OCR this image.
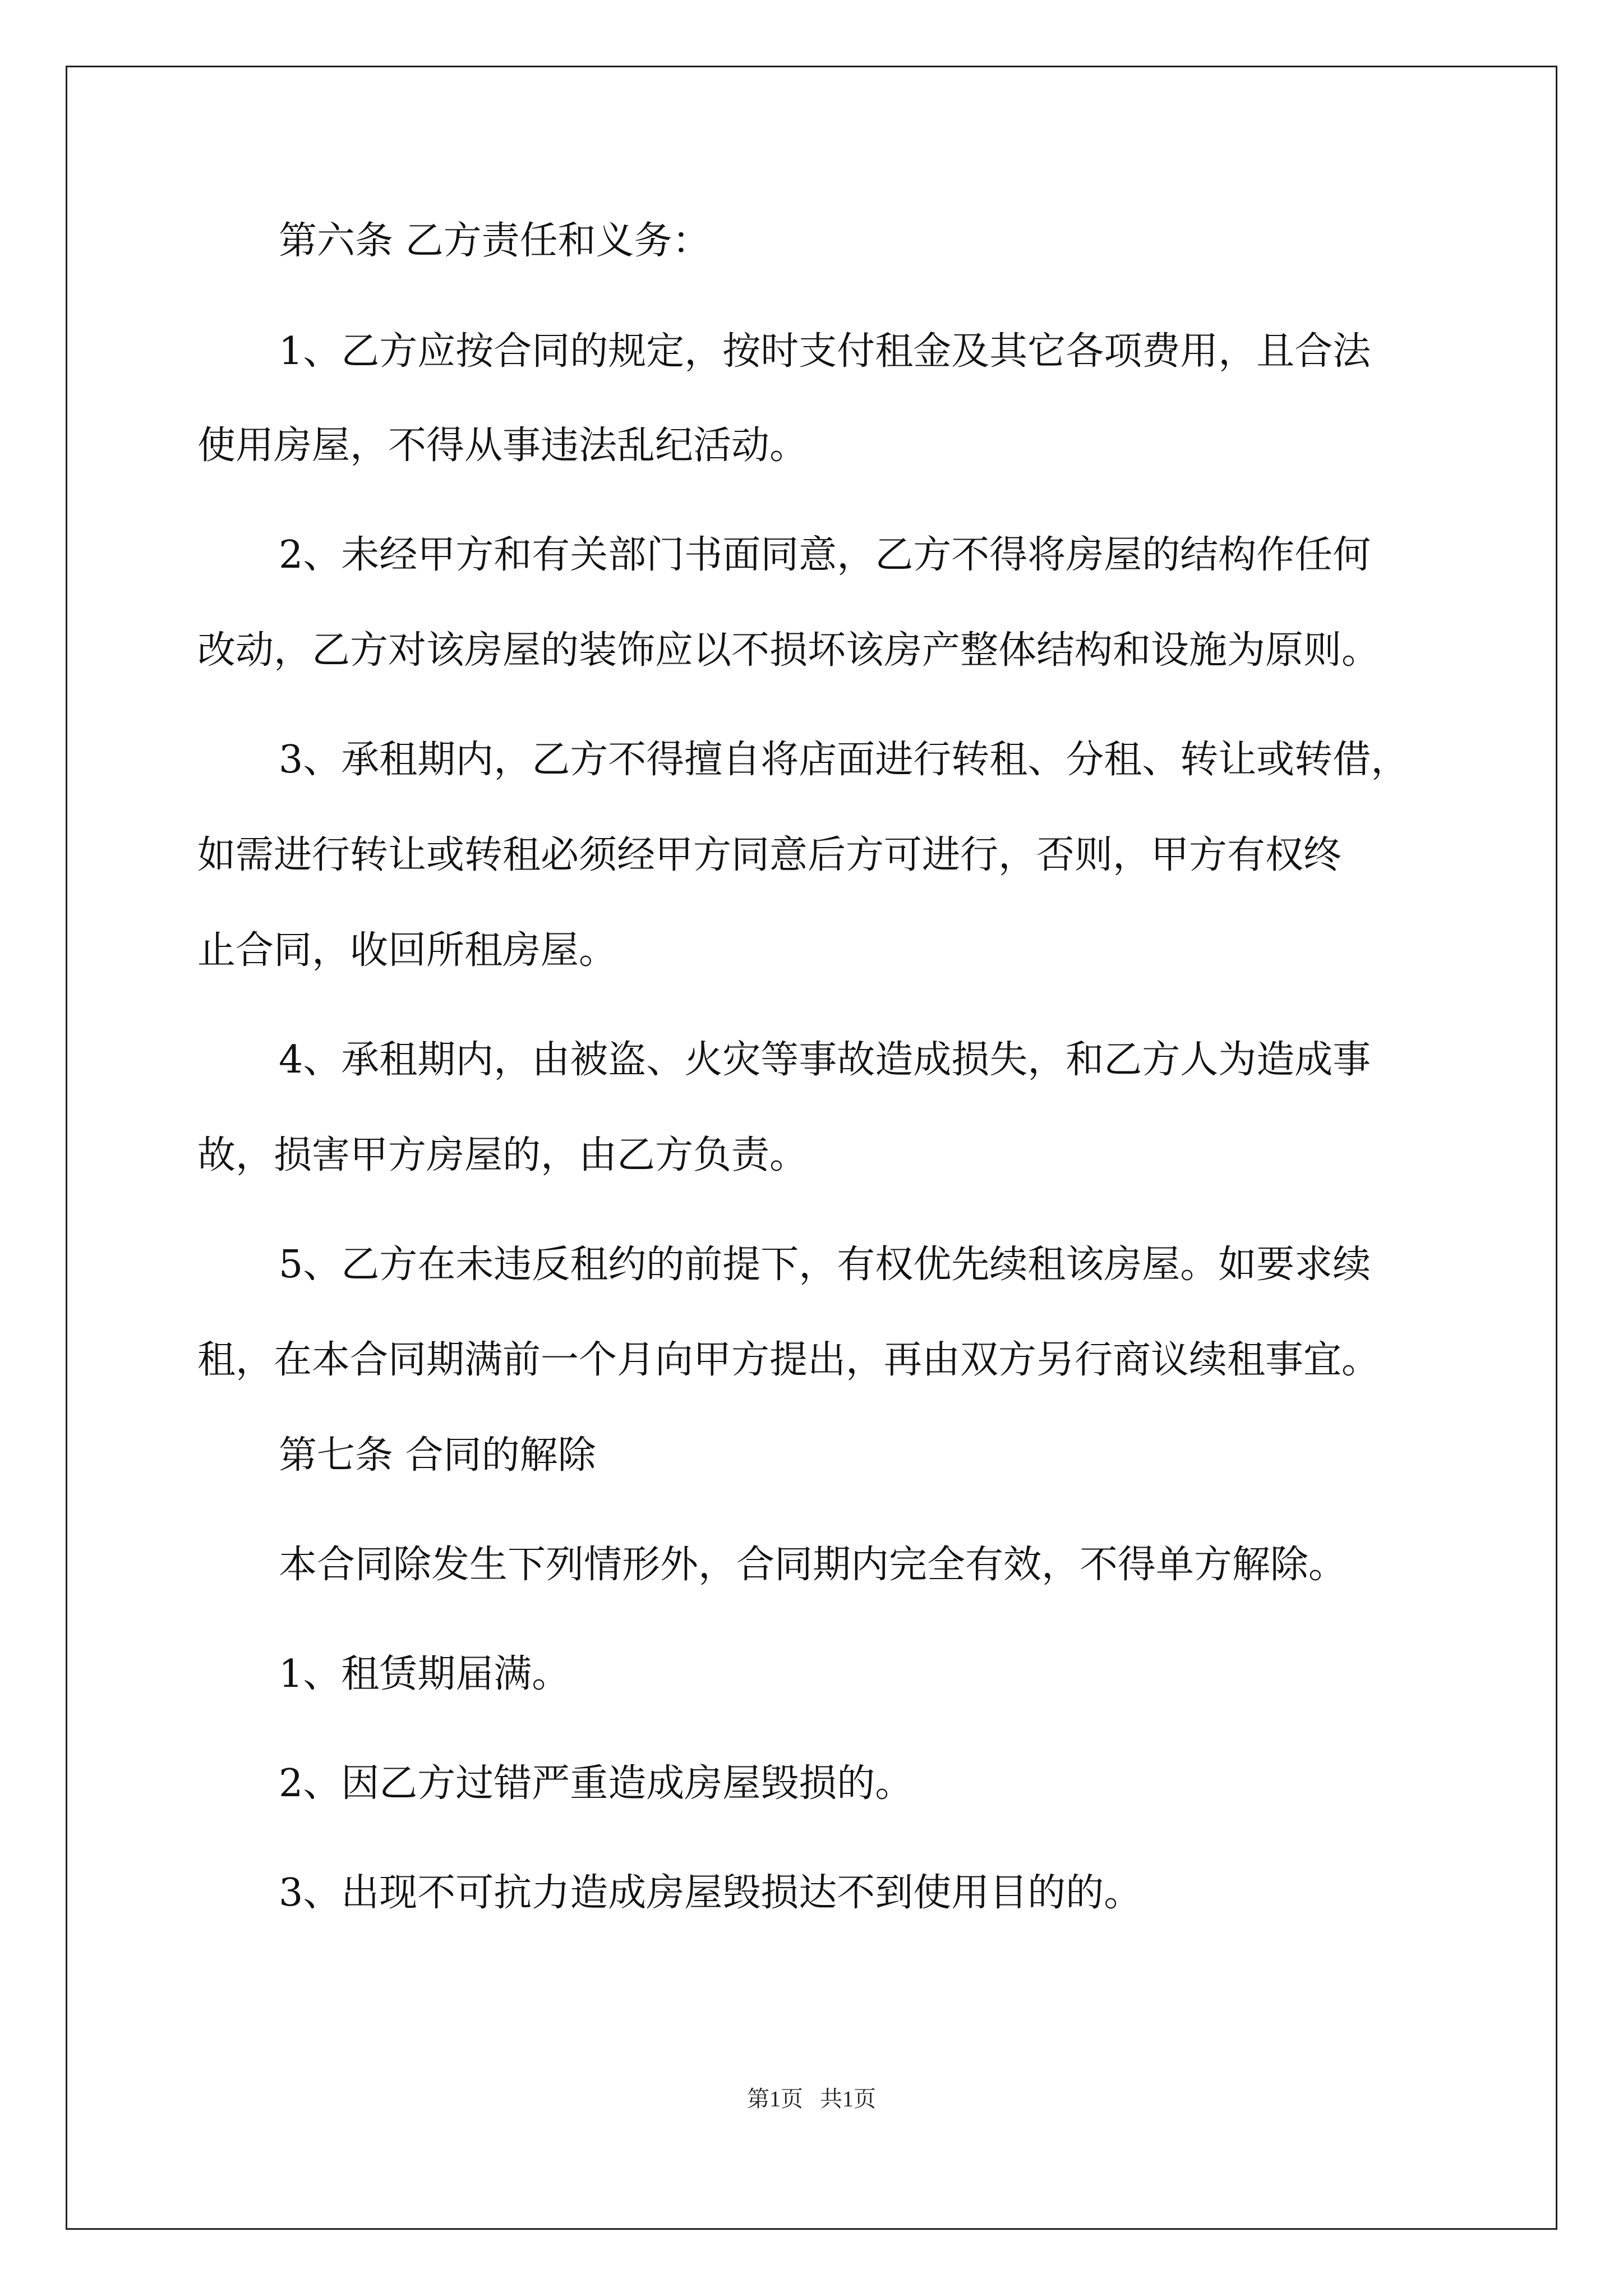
第六条 乙方责任和义务：
1、乙方应按合同的规定，按时支付租金及其它各项费用，且合法
使用房屋，不得从事违法乱纪活动。
2、未经甲方和有关部门书面同意，乙方不得将房屋的结构作任何
改动，乙方对该房屋的装饰应以不损坏该房产整体结构和设施为原则。
3、承租期内，乙方不得擅自将店面进行转租、分租、转让或转借，
如需进行转让或转租必须经甲方同意后方可进行，否则，甲方有权终
止合同，收回所租房屋。
4、承租期内，由被盗、火灾等事故造成损失，和乙方人为造成事
故，损害甲方房屋的，由乙方负责。
5、乙方在未违反租约的前提下，有权优先续租该房屋。如要求续
租，在本合同期满前一个月向甲方提出，再由双方另行商议续租事宜。
第七条 合同的解除
本合同除发生下列情形外，合同期内完全有效，不得单方解除。
1、租赁期届满。
2、因乙方过错严重造成房屋毁损的。
3、出现不可抗力造成房屋毁损达不到使用目的的。
第1页 共1页
